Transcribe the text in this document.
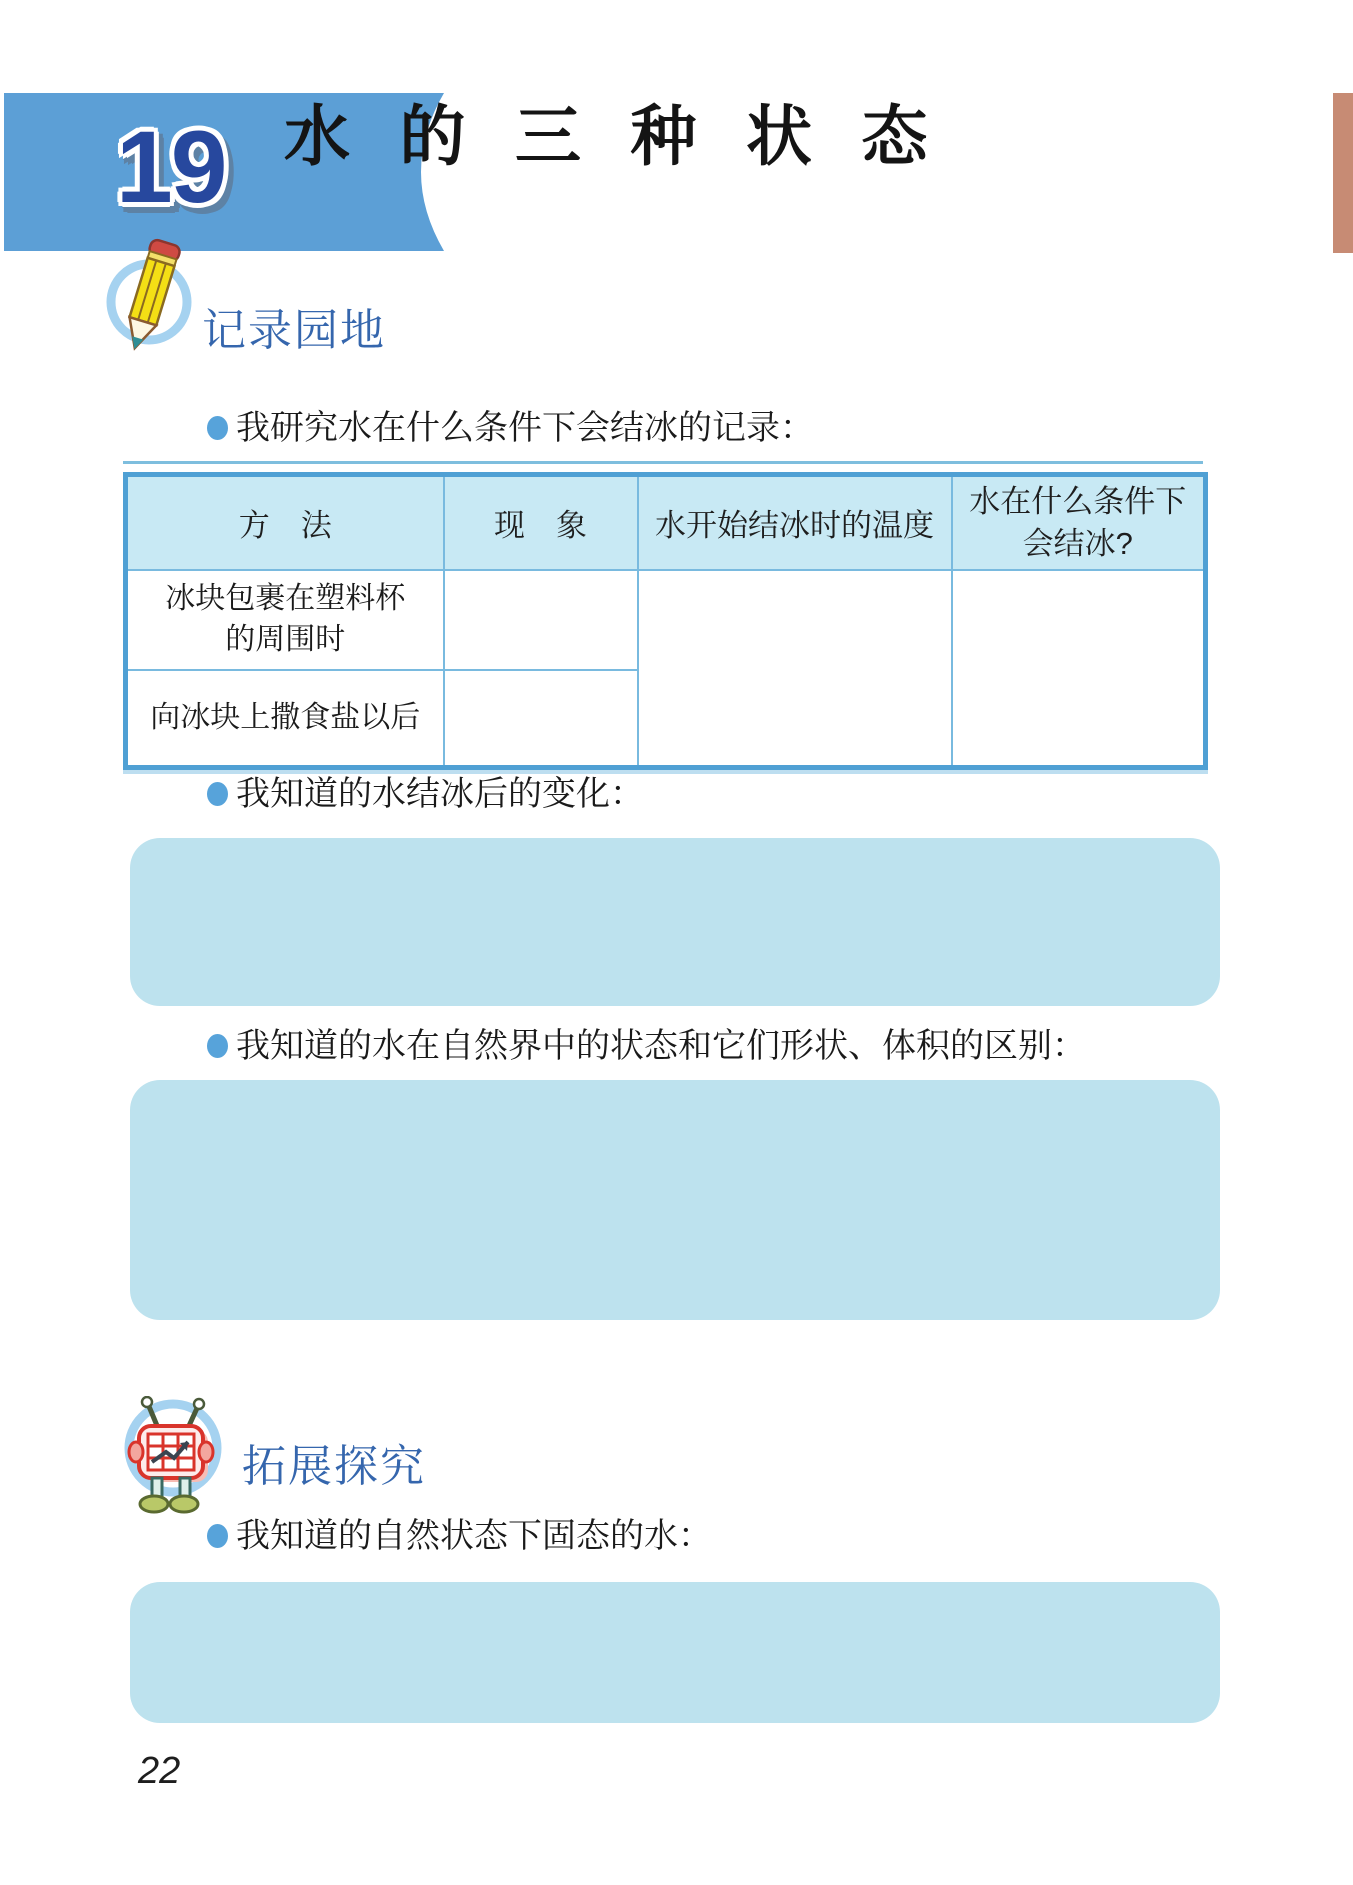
19 水的三种状态
记录园地
我研究水在什么条件下会结冰的记录：
方　法	现　象	水开始结冰时的温度	水在什么条件下
会结冰?

冰块包裹在塑料杯
的周围时			

向冰块上撒食盐以后			

我知道的水结冰后的变化：
我知道的水在自然界中的状态和它们形状、体积的区别：
拓展探究
我知道的自然状态下固态的水：
22
